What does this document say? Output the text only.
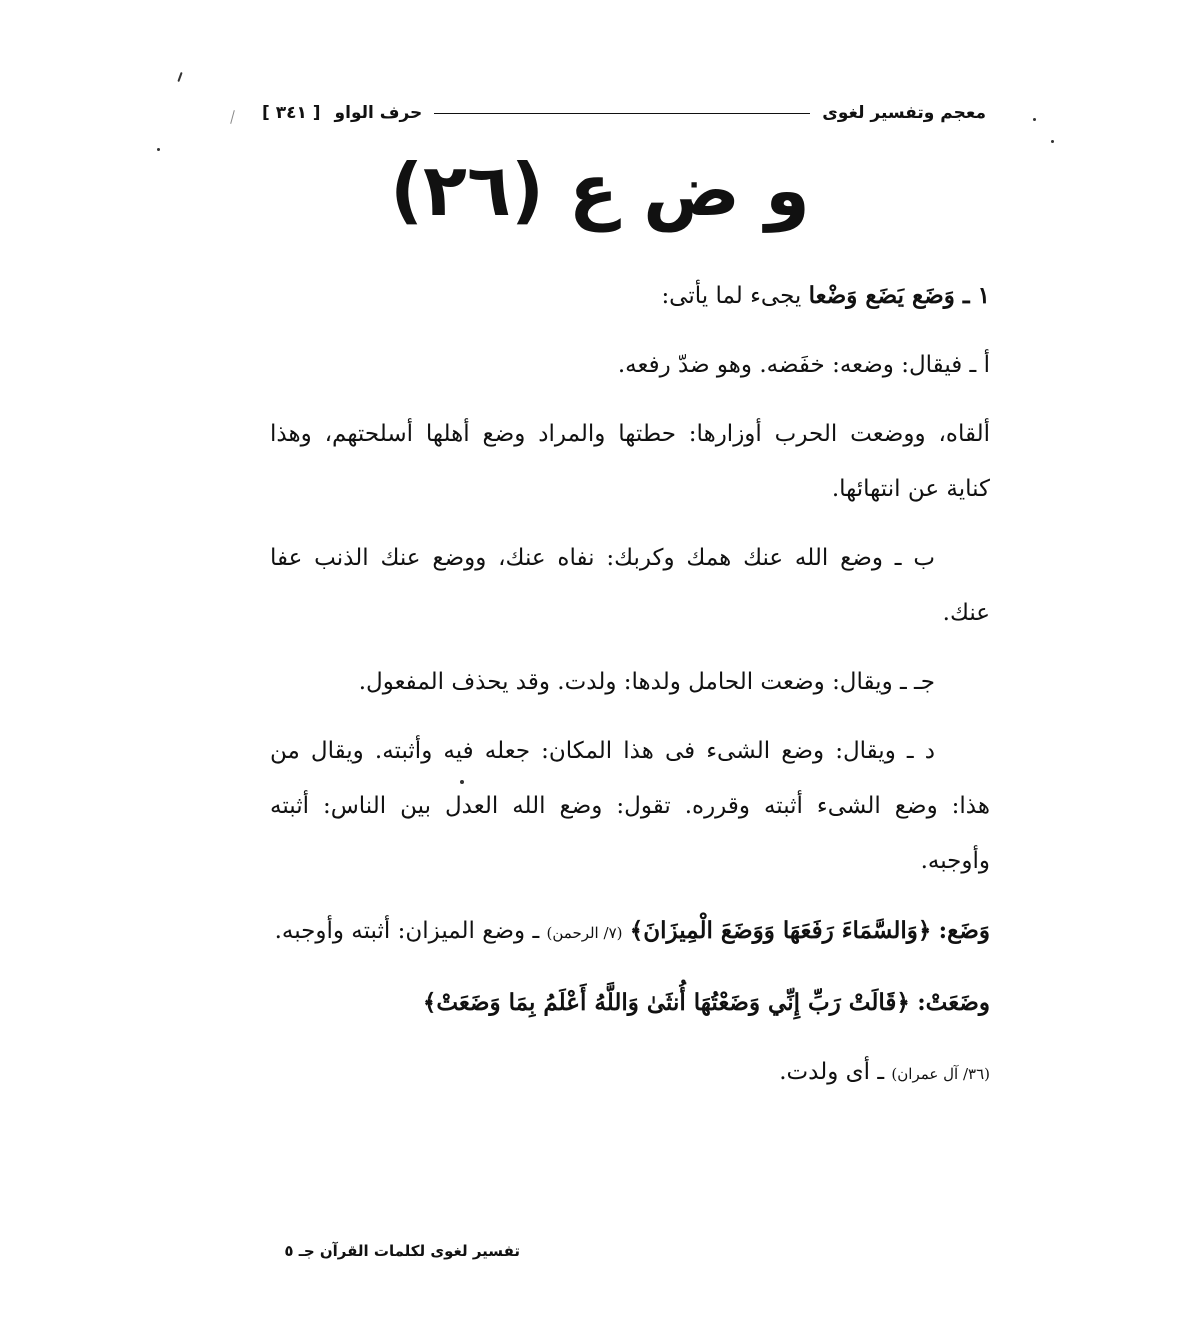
معجم وتفسير لغوى
حرف الواو
[ ٣٤١ ]
و ض ع (٢٦)

١ ـ وَضَع يَضَع وَضْعا يجىء لما يأتى:

أ ـ فيقال: وضعه: خفَضه. وهو ضدّ رفعه.

ألقاه، ووضعت الحرب أوزارها: حطتها والمراد وضع أهلها أسلحتهم، وهذا كناية عن انتهائها.

ب ـ وضع الله عنك همك وكربك: نفاه عنك، ووضع عنك الذنب عفا عنك.

جـ ـ ويقال: وضعت الحامل ولدها: ولدت. وقد يحذف المفعول.

د ـ ويقال: وضع الشىء فى هذا المكان: جعله فيه وأثبته. ويقال من هذا: وضع الشىء أثبته وقرره. تقول: وضع الله العدل بين الناس: أثبته وأوجبه.

وَضَع: ﴿وَالسَّمَاءَ رَفَعَهَا وَوَضَعَ الْمِيزَانَ﴾ (٧/ الرحمن) ـ وضع الميزان: أثبته وأوجبه.

وضَعَتْ: ﴿قَالَتْ رَبِّ إِنِّي وَضَعْتُهَا أُنثَىٰ وَاللَّهُ أَعْلَمُ بِمَا وَضَعَتْ﴾

(٣٦/ آل عمران) ـ أى ولدت.

تفسير لغوى لكلمات القرآن جـ ٥
